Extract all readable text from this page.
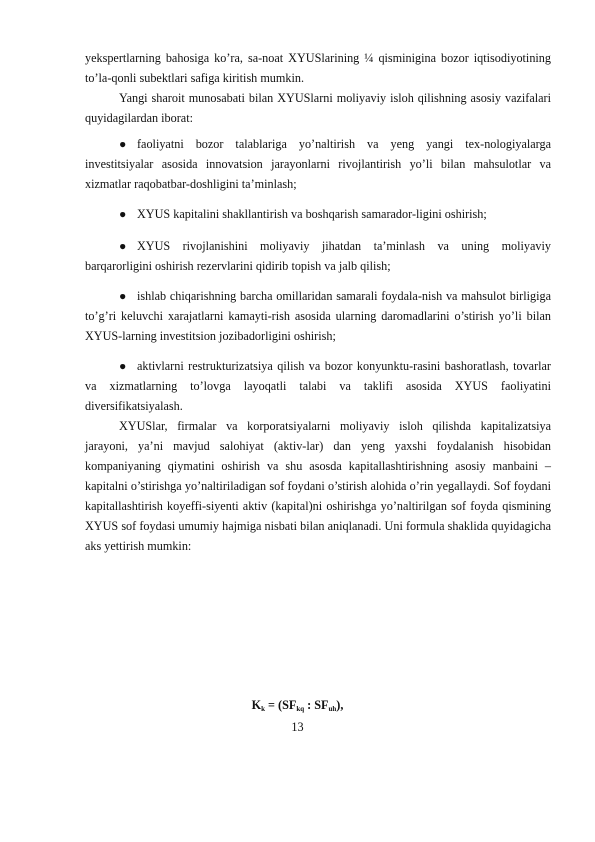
yekspertlarning bahosiga ko’ra, sa-noat XYUSlarining ¼ qisminigina bozor iqtisodiyotining to’la-qonli subektlari safiga kiritish mumkin.

Yangi sharoit munosabati bilan XYUSlarni moliyaviy isloh qilishning asosiy vazifalari quyidagilardan iborat:

● faoliyatni bozor talablariga yo’naltirish va yeng yangi tex-nologiyalarga investitsiyalar asosida innovatsion jarayonlarni rivojlantirish yo’li bilan mahsulotlar va xizmatlar raqobatbar-doshligini ta’minlash;

● XYUS kapitalini shakllantirish va boshqarish samarador-ligini oshirish;

● XYUS rivojlanishini moliyaviy jihatdan ta’minlash va uning moliyaviy barqarorligini oshirish rezervlarini qidirib topish va jalb qilish;

● ishlab chiqarishning barcha omillaridan samarali foydala-nish va mahsulot birligiga to’g’ri keluvchi xarajatlarni kamayti-rish asosida ularning daromadlarini o’stirish yo’li bilan XYUS-larning investitsion jozibadorligini oshirish;

● aktivlarni restrukturizatsiya qilish va bozor konyunktu-rasini bashoratlash, tovarlar va xizmatlarning to’lovga layoqatli talabi va taklifi asosida XYUS faoliyatini diversifikatsiyalash.

XYUSlar, firmalar va korporatsiyalarni moliyaviy isloh qilishda kapitalizatsiya jarayoni, ya’ni mavjud salohiyat (aktiv-lar) dan yeng yaxshi foydalanish hisobidan kompaniyaning qiymatini oshirish va shu asosda kapitallashtirishning asosiy manbaini – kapitalni o’stirishga yo’naltiriladigan sof foydani o’stirish alohida o’rin yegallaydi. Sof foydani kapitallashtirish koyeffi-siyenti aktiv (kapital)ni oshirishga yo’naltirilgan sof foyda qismining XYUS sof foydasi umumiy hajmiga nisbati bilan aniqlanadi. Uni formula shaklida quyidagicha aks yettirish mumkin:

$K_k = (SF_{kq}$ : $SF_{uh}$),
13
